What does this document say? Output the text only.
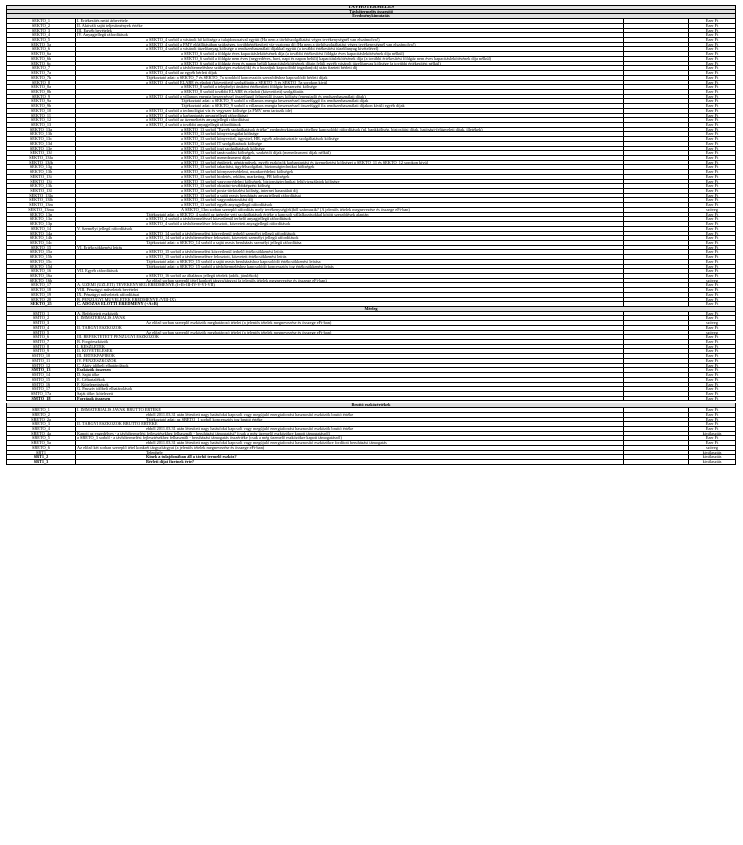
TÁVHŐTERMELÉS
Távhőtermelés összesítő
Eredménykimutatás
SEKTŐ_1	I. Értékesítés nettó árbevétele	Ezer Ft
SEKTŐ_2	II. Aktivált saját teljesítmények értéke	Ezer Ft
SEKTŐ_3	III. Egyéb bevételek	Ezer Ft
SEKTŐ_4	IV. Anyagjellegű ráfordítások	Ezer Ft
SEKTŐ_5	a SEKTŐ_4 sorból a vásárolt hő költsége a tulajdonosaival együtt (Ha nem a távhőszolgáltatást végez tevékenységnél van elszámolva!)	Ezer Ft
SEKTŐ_5a	a SEKTŐ_4 sorból a FMV előállításában szükséges, továbbértékesített víz-csatorna díj (Ha nem a távhőszolgáltatást végez tevékenységnél van elszámolva!)	Ezer Ft
SEKTŐ_6	a SEKTŐ_4 sorból a vásárolt tüzelőanyag költsége a rendszerhasználati díjakkal együtt (a további értékesítést tüzelőanyag kivételével)	Ezer Ft
SEKTŐ_6a	a SEKTŐ_6 sorból a földgáz éves kapacitáslekötésének díja (a további értékesítést földgáz éves kapacitáslekötésének díja nélkül)	Ezer Ft
SEKTŐ_6b	a SEKTŐ_6 sorból a földgáz nem éves (negyedéves, havi, napi és napon belüli) kapacitáslekötésének díja (a további értékesítést földgáz nem éves kapacitáslekötésének díja nélkül)	Ezer Ft
SEKTŐ_6c	a SEKTŐ_6 sorból a földgáz éven és napon belüli kapacitáslekötésének díjain felüli egyéb vásárolt tüzelőanyag költsége (a további értékesítést nélkül)	Ezer Ft
SEKTŐ_7	a SEKTŐ_4 sorból a távhőtermeléshez szükséges eszköz(ök) és a hozzájuk kapcsolódó ingatlan(ok) után fizetett bérleti díj	Ezer Ft
SEKTŐ_7a	a SEKTŐ_4 sorból az egyéb bérleti díjak	Ezer Ft
SEKTŐ_7b	Tájékoztató adat: a SEKTŐ_7 és SEKTŐ_7a sorokból koncessziós szerződéshez kapcsolódó bérleti díjak	Ezer Ft
SEKTŐ_8	a SEKTŐ_4 sorból ELÁBÉ és eladott (közvetített) szolgáltatás a SEKTŐ_5 és SEKTŐ_5a sorokon kívül	Ezer Ft
SEKTŐ_8a	a SEKTŐ_8 sorból a telephelyi áruként értékesített földgáz beszerzési költsége	Ezer Ft
SEKTŐ_8b	a SEKTŐ_8 sorból további ELÁBÉ és eladott (közvetített) szolgáltatás	Ezer Ft
SEKTŐ_9	a SEKTŐ_4 sorból a villamos energia beszerzéssel összefüggő felmerülő összes költség (energiadíj és rendszerhasználati díjak)	Ezer Ft
SEKTŐ_9a	Tájékoztató adat: a SEKTŐ_9 sorból a villamos energia beszerzéssel összefüggő fix rendszerhasználati díjak	Ezer Ft
SEKTŐ_9b	Tájékoztató adat: a SEKTŐ_9 sorból a villamos energia beszerzéssel összefüggő fix rendszerhasználati díjakon kívüli egyéb díjak	Ezer Ft
SEKTŐ_10	a SEKTŐ_4 sorból a technológiai víz és vegyszer költsége (a FMV nem tartozik ide)	Ezer Ft
SEKTŐ_11	a SEKTŐ_4 sorból a karbantartás anyagjellegű ráfordításai	Ezer Ft
SEKTŐ_12	a SEKTŐ_4 sorból az üzemeltetés anyagjellegű ráfordításai	Ezer Ft
SEKTŐ_13	a SEKTŐ_4 sorból a további anyagjellegű ráfordítások	Ezer Ft
SEKTŐ_13a	a SEKTŐ_13 sorból "Egyéb szolgáltatások értéke" eredménykimutatás tételhez kapcsolódó ráfordítások (pl. bankköltség, biztosítási díjak, hatósági-felügyeleti díjak, illetékek)	Ezer Ft
SEKTŐ_13b	a SEKTŐ_13 sorból könyvvizsgálat költsége	Ezer Ft
SEKTŐ_13c	a SEKTŐ_13 sorból könyvvitel, ügyvitel, HR, egyéb adminisztratív szolgáltatások költsége	Ezer Ft
SEKTŐ_13d	a SEKTŐ_13 sorból IT szolgáltatások költsége	Ezer Ft
SEKTŐ_13e	a SEKTŐ_13 sorból jogi szolgáltatások költsége	Ezer Ft
SEKTŐ_13f	a SEKTŐ_13 sorból tanácsadási költségek, szakértői díjak (menedzsment díjak nélkül)	Ezer Ft
SEKTŐ_13fa	a SEKTŐ_13 sorból menedzsment díjak	Ezer Ft
SEKTŐ_13fb	a SEKTŐ_13 sorból épületek, gépjárművek, egyéb eszközök karbantartási és üzemeltetési költségei a SEKTŐ_11 és SEKTŐ_12 sorokon kívül	Ezer Ft
SEKTŐ_13g	a SEKTŐ_13 sorból takarítási, ügyfélszolgálati, biztonságtechnikai költségek	Ezer Ft
SEKTŐ_13h	a SEKTŐ_13 sorból környezetvédelmi, munkavédelmi költségek	Ezer Ft
SEKTŐ_13i	a SEKTŐ_13 sorból hirdetés, reklám, marketing, PR költségek	Ezer Ft
SEKTŐ_13j	a SEKTŐ_13 sorból vagyonvédelmi költségek, biztonságtechnikai felülvizsgálatok költsége	Ezer Ft
SEKTŐ_13k	a SEKTŐ_13 sorból oktatási-továbbképzési költség	Ezer Ft
SEKTŐ_13l	a SEKTŐ_13 sorból posta-távközlési költség, internet használati díj	Ezer Ft
SEKTŐ_13la	a SEKTŐ_13 sorból a saját rezsis beruházás anyagjellegű ráfordításai	Ezer Ft
SEKTŐ_13lb	a SEKTŐ_13 sorból vagyonbiztosítási díj	Ezer Ft
SEKTŐ_13m	a SEKTŐ_13 sorból egyéb anyagjellegű ráfordítások	Ezer Ft
SEKTŐ_13ma	A SEKTŐ_13m sorban szereplő ráfordítás mely tevékenység(ek)ből származik? (A jelentős tételek megnevezése és összege eFt-ban)	szöveg
SEKTŐ_13n	Tájékoztató adat: a SEKTŐ_4 sorból az igénybe vett szolgáltatások értéke a kapcsolt vállalkozásokkal kötött szerződések alapján	Ezer Ft
SEKTŐ_13o	a SEKTŐ_4 sorból a távhőtermeléssel közvetlenül terhelő anyagjellegű ráfordítások	Ezer Ft
SEKTŐ_13p	a SEKTŐ_4 sorból a távhőtermelésre felosztott, közvetett anyagjellegű ráfordítások	Ezer Ft
SEKTŐ_14	V. Személyi jellegű ráfordítások	Ezer Ft
SEKTŐ_14a	a SEKTŐ_14 sorból a távhőtermelést közvetlenül terhelő személyi jellegű ráfordítások	Ezer Ft
SEKTŐ_14b	a SEKTŐ_14 sorból a távhőtermelésre felosztott, közvetett személyi jellegű ráfordítások	Ezer Ft
SEKTŐ_14c	Tájékoztató adat: a SEKTŐ_14 sorból a saját rezsis beruházás személyi jellegű ráfordítása	Ezer Ft
SEKTŐ_15	VI. Értékcsökkenési leírás	Ezer Ft
SEKTŐ_15a	a SEKTŐ_15 sorból a távhőtermelést közvetlenül terhelő értékcsökkenési leírás	Ezer Ft
SEKTŐ_15b	a SEKTŐ_15 sorból a távhőtermelésre felosztott, közvetett értékcsökkenési leírás	Ezer Ft
SEKTŐ_15c	Tájékoztató adat: a SEKTŐ_15 sorból a saját rezsis beruházáshoz kapcsolódó értékcsökkenési leírása	Ezer Ft
SEKTŐ_15d	Tájékoztató adat: a SEKTŐ_15 sorból a távhőtermeléshez kapcsolódó koncessziós jog értékcsökkenési leírás	Ezer Ft
SEKTŐ_16	VII. Egyéb ráfordítások	Ezer Ft
SEKTŐ_16a	a SEKTŐ_16 sorból az általános jellegű tételek (adók, járulékok)	Ezer Ft
SEKTŐ_16b	Az előző sorban szereplő tétel konkrét tárgya/tárgyai (a jelentős tételek megnevezése és összege eFt-ban)	szöveg
SEKTŐ_17	A. ÜZEMI (ÜZLETI) TEVÉKENYSÉG EREDMÉNYE (I+II+III-IV-V-VI-VII)	Ezer Ft
SEKTŐ_18	VIII. Pénzügyi műveletek bevételei	Ezer Ft
SEKTŐ_19	IX. Pénzügyi műveletek ráfordításai	Ezer Ft
SEKTŐ_20	B. PÉNZÜGYI MŰVELETEK EREDMÉNYE (VIII-IX)	Ezer Ft
SEKTŐ_25	C. ADÓZÁS ELŐTTI EREDMÉNY (+A±B)	Ezer Ft
Mérleg
SMTŐ_1	A. Befektetett eszközök	Ezer Ft
SMTŐ_2	I. IMMATERIÁLIS JAVAK	Ezer Ft
SMTŐ_3	Az előző sorban szereplő eszközök meghatározó tételei (a jelentős tételek megnevezése és összege eFt-ban)	szöveg
SMTŐ_4	II. TÁRGYI ESZKÖZÖK	Ezer Ft
SMTŐ_5	Az előző sorban szereplő eszközök meghatározó tételei (a jelentős tételek megnevezése és összege eFt-ban)	szöveg
SMTŐ_6	III. BEFEKTETETT PÉNZÜGYI ESZKÖZÖK	Ezer Ft
SMTŐ_7	B. Forgóeszközök	Ezer Ft
SMTŐ_8	I. KÉSZLETEK	Ezer Ft
SMTŐ_9	II. KÖVETELÉSEK	Ezer Ft
SMTŐ_10	III. ÉRTÉKPAPÍROK	Ezer Ft
SMTŐ_11	IV. PÉNZESZKÖZÖK	Ezer Ft
SMTŐ_12	C. Aktív időbeli elhatárolások	Ezer Ft
SMTŐ_13	Eszközök összesen	Ezer Ft
SMTŐ_14	D. Saját tőke	Ezer Ft
SMTŐ_15	E. Céltartalékok	Ezer Ft
SMTŐ_16	F. Kötelezettségek	Ezer Ft
SMTŐ_17	G. Passzív időbeli elhatárolások	Ezer Ft
SMTŐ_17a	Saját tőke: kötelezett	Ezer Ft
SMTŐ_18	Források összesen	Ezer Ft
Bruttó eszközértékek
SBETŐ_1	I. IMMATERIÁLIS JAVAK BRUTTÓ ÉRTÉKE	Ezer Ft
SBETŐ_2	ebből 2011.03.31 után létesített nagy hatásfokú kapcsolt vagy megújuló energiaforrást hasznosító eszközök bruttó értéke	Ezer Ft
SBETŐ_2a	Tájékoztató adat: az SBETŐ_1 sorból koncessziós jog bruttó értéke	Ezer Ft
SBETŐ_3	II. TÁRGYI ESZKÖZÖK BRUTTÓ ÉRTÉKE	Ezer Ft
SBETŐ_4	ebből 2011.03.31 után létesített nagy hatásfokú kapcsolt vagy megújuló energiaforrást hasznosító eszközök bruttó értéke	Ezer Ft
SBETŐ_4a	Kapott az engedélyes - a távhőtermelési fejlesztésekhez felhasznált - beruházási támogatást? (csak a még üzemelő eszközökre kapott támogatásról)	kiválasztás
SBETŐ_5	a SBETŐ_3 sorból - a távhőtermelési fejlesztésekhez felhasznált - beruházási támogatás összértéke (csak a még üzemelő eszközökre kapott támogatásról)	Ezer Ft
SBETŐ_5a	ebből 2011.03.31 után létesített nagy hatásfokú kapcsolt vagy megújuló energiaforrást hasznosító eszközökre fordított beruházási támogatás	Ezer Ft
SBETŐ_6	Az előző két sorban szereplő tétel konkrét tárgya/tárgyai (a jelentős tételek megnevezése és összege eFt-ban)	szöveg
SBT1	Telephely	kiválasztás
SBT1_2	Kinek a tulajdonában áll a távhő termelő eszköz?	kiválasztás
SBT1_3	Bérleti díjat fizetnek érte?	kiválasztás
